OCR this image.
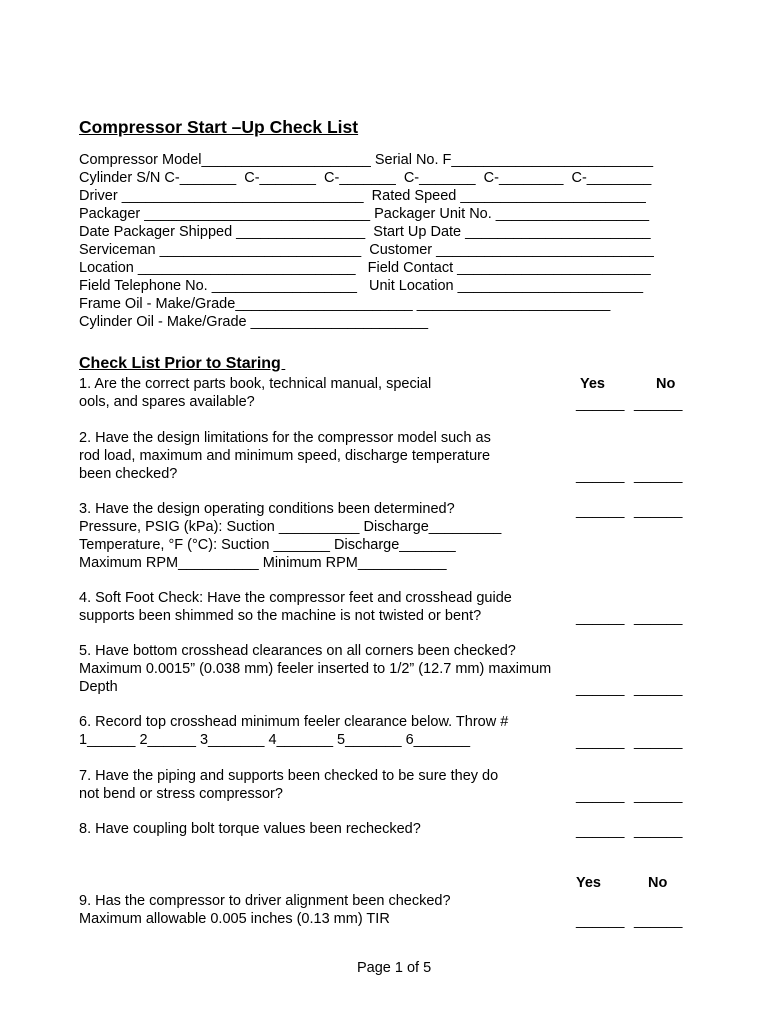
Compressor Start –Up Check List
Compressor Model_____________________ Serial No. F_________________________
Cylinder S/N C-_______  C-_______  C-_______  C-_______  C-________  C-________
Driver ______________________________  Rated Speed _______________________
Packager ____________________________ Packager Unit No. ___________________
Date Packager Shipped ________________  Start Up Date _______________________
Serviceman _________________________  Customer ___________________________
Location ___________________________   Field Contact ________________________
Field Telephone No. __________________   Unit Location _______________________
Frame Oil - Make/Grade______________________ ________________________
Cylinder Oil - Make/Grade ______________________
Check List Prior to Staring
Yes	No
1. Are the correct parts book, technical manual, special
ools, and spares available?	______ ______
2. Have the design limitations for the compressor model such as
rod load, maximum and minimum speed, discharge temperature
been checked?	______ ______
3. Have the design operating conditions been determined?
Pressure, PSIG (kPa): Suction __________ Discharge_________
Temperature, °F (°C): Suction _______ Discharge_______
Maximum RPM__________ Minimum RPM___________
______ ______
4. Soft Foot Check: Have the compressor feet and crosshead guide
supports been shimmed so the machine is not twisted or bent?	______ ______
5. Have bottom crosshead clearances on all corners been checked?
Maximum 0.0015” (0.038 mm) feeler inserted to 1/2” (12.7 mm) maximum
Depth	______ ______
6. Record top crosshead minimum feeler clearance below. Throw #
1______ 2______ 3_______ 4_______ 5_______ 6_______	______ ______
7. Have the piping and supports been checked to be sure they do
not bend or stress compressor?	______ ______
8. Have coupling bolt torque values been rechecked?	______ ______
Yes	No
9. Has the compressor to driver alignment been checked?
Maximum allowable 0.005 inches (0.13 mm) TIR	______ ______
Page 1 of 5
